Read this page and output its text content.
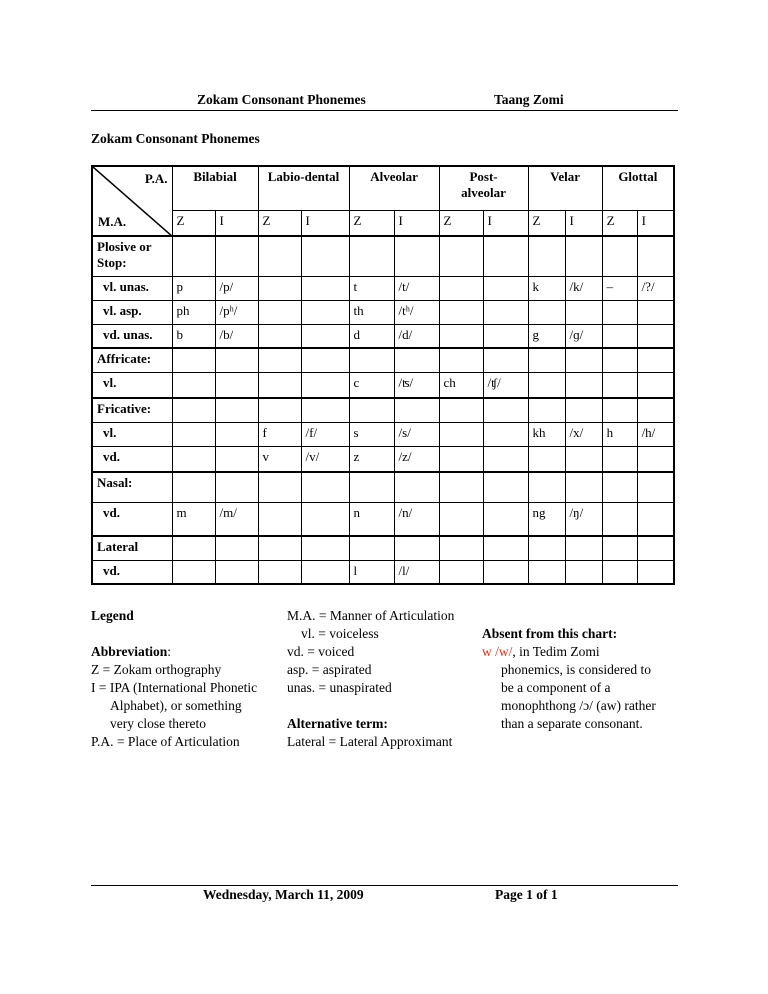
Zokam Consonant Phonemes	Taang Zomi
Zokam Consonant Phonemes
P.A.
M.A.	Bilabial		Labio-dental		Alveolar		Post-
alveolar		Velar		Glottal	
	Z	I	Z	I	Z	I	Z	I	Z	I	Z	I
Plosive or Stop:												
vl. unas.	p	/p/			t	/t/			k	/k/	–	/?/
vl. asp.	ph	/pʰ/			th	/tʰ/						
vd. unas.	b	/b/			d	/d/			g	/ɡ/		
Affricate:												
vl.					c	/ʦ/	ch	/ʧ/				
Fricative:												
vl.			f	/f/	s	/s/			kh	/x/	h	/h/
vd.			v	/v/	z	/z/						
Nasal:												
vd.	m	/m/			n	/n/			ng	/ŋ/		
Lateral												
vd.					l	/l/						
Legend
Abbreviation:
Z = Zokam orthography
I = IPA (International Phonetic
Alphabet), or something
very close thereto
P.A. = Place of Articulation
M.A. = Manner of Articulation
vl. = voiceless
vd. = voiced
asp. = aspirated
unas. = unaspirated
Alternative term:
Lateral = Lateral Approximant
Absent from this chart:
w /w/, in Tedim Zomi
phonemics, is considered to
be a component of a
monophthong /ɔ/ (aw) rather
than a separate consonant.
Wednesday, March 11, 2009	Page 1 of 1
